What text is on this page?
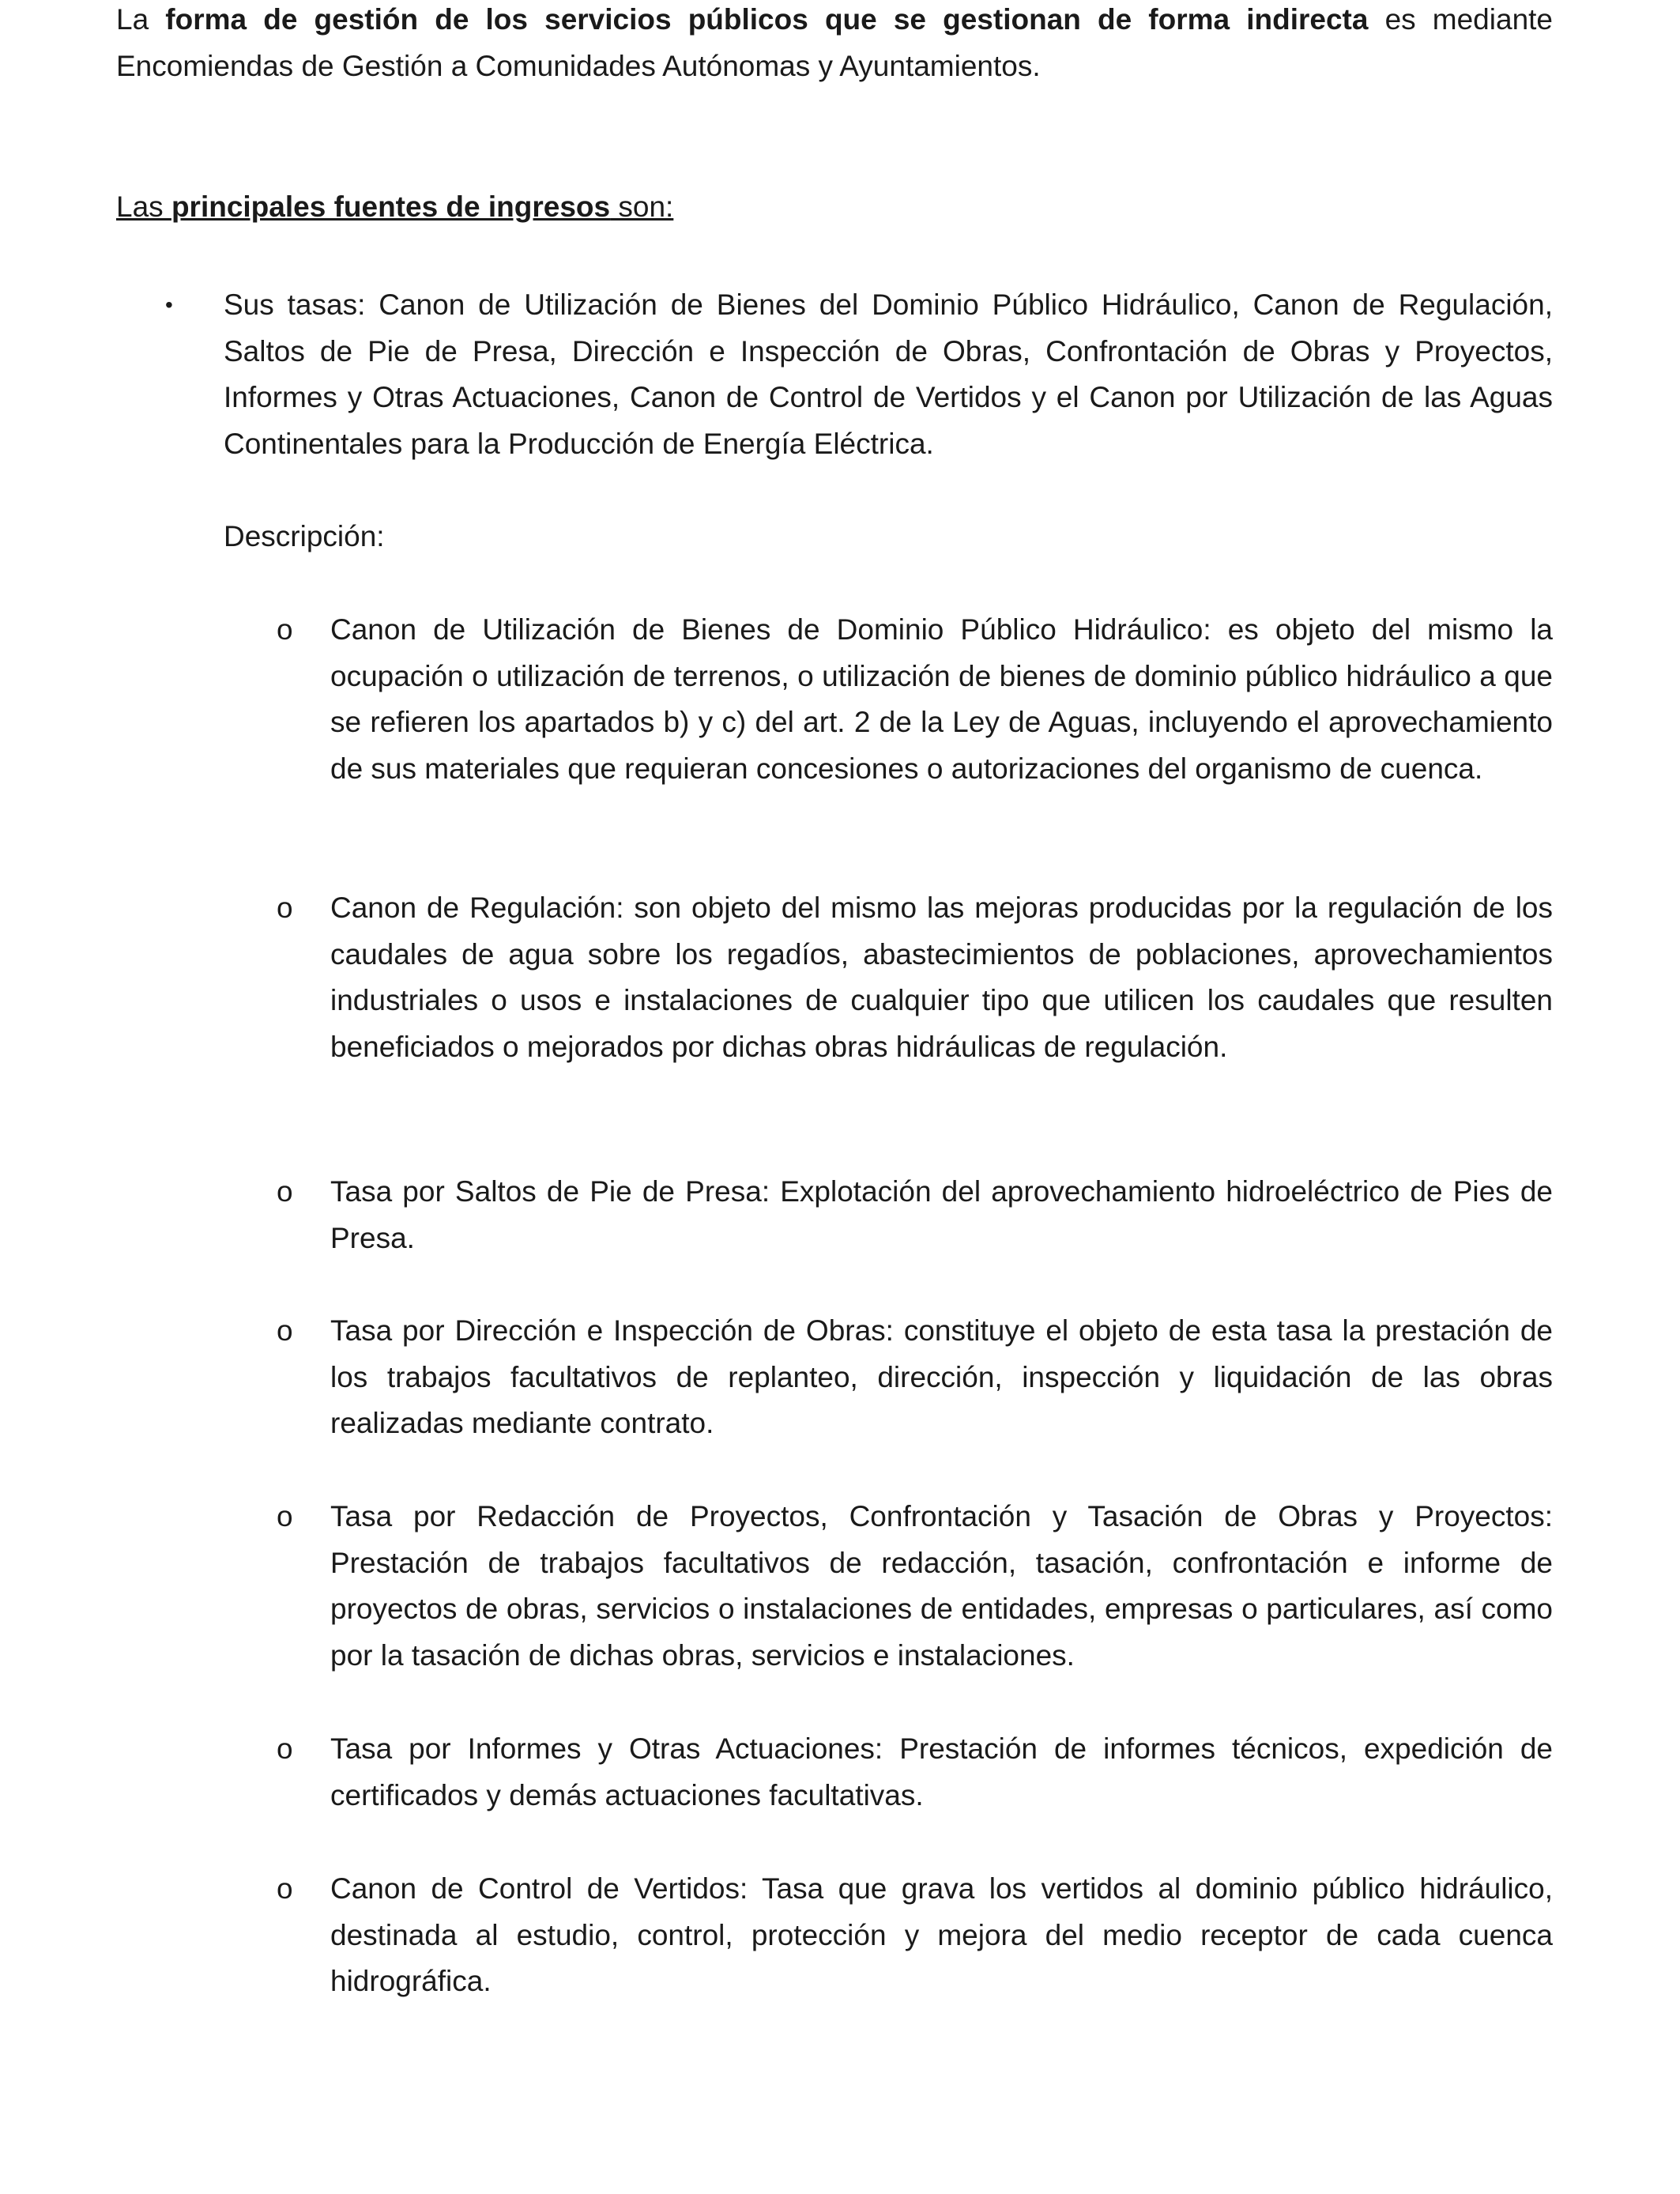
La forma de gestión de los servicios públicos que se gestionan de forma indirecta es mediante Encomiendas de Gestión a Comunidades Autónomas y Ayuntamientos.

Las principales fuentes de ingresos son:

• Sus tasas: Canon de Utilización de Bienes del Dominio Público Hidráulico, Canon de Regulación, Saltos de Pie de Presa, Dirección e Inspección de Obras, Confrontación de Obras y Proyectos, Informes y Otras Actuaciones, Canon de Control de Vertidos y el Canon por Utilización de las Aguas Continentales para la Producción de Energía Eléctrica.

Descripción:

o Canon de Utilización de Bienes de Dominio Público Hidráulico: es objeto del mismo la ocupación o utilización de terrenos, o utilización de bienes de dominio público hidráulico a que se refieren los apartados b) y c) del art. 2 de la Ley de Aguas, incluyendo el aprovechamiento de sus materiales que requieran concesiones o autorizaciones del organismo de cuenca.

o Canon de Regulación: son objeto del mismo las mejoras producidas por la regulación de los caudales de agua sobre los regadíos, abastecimientos de poblaciones, aprovechamientos industriales o usos e instalaciones de cualquier tipo que utilicen los caudales que resulten beneficiados o mejorados por dichas obras hidráulicas de regulación.

o Tasa por Saltos de Pie de Presa: Explotación del aprovechamiento hidroeléctrico de Pies de Presa.

o Tasa por Dirección e Inspección de Obras: constituye el objeto de esta tasa la prestación de los trabajos facultativos de replanteo, dirección, inspección y liquidación de las obras realizadas mediante contrato.

o Tasa por Redacción de Proyectos, Confrontación y Tasación de Obras y Proyectos: Prestación de trabajos facultativos de redacción, tasación, confrontación e informe de proyectos de obras, servicios o instalaciones de entidades, empresas o particulares, así como por la tasación de dichas obras, servicios e instalaciones.

o Tasa por Informes y Otras Actuaciones: Prestación de informes técnicos, expedición de certificados y demás actuaciones facultativas.

o Canon de Control de Vertidos: Tasa que grava los vertidos al dominio público hidráulico, destinada al estudio, control, protección y mejora del medio receptor de cada cuenca hidrográfica.
